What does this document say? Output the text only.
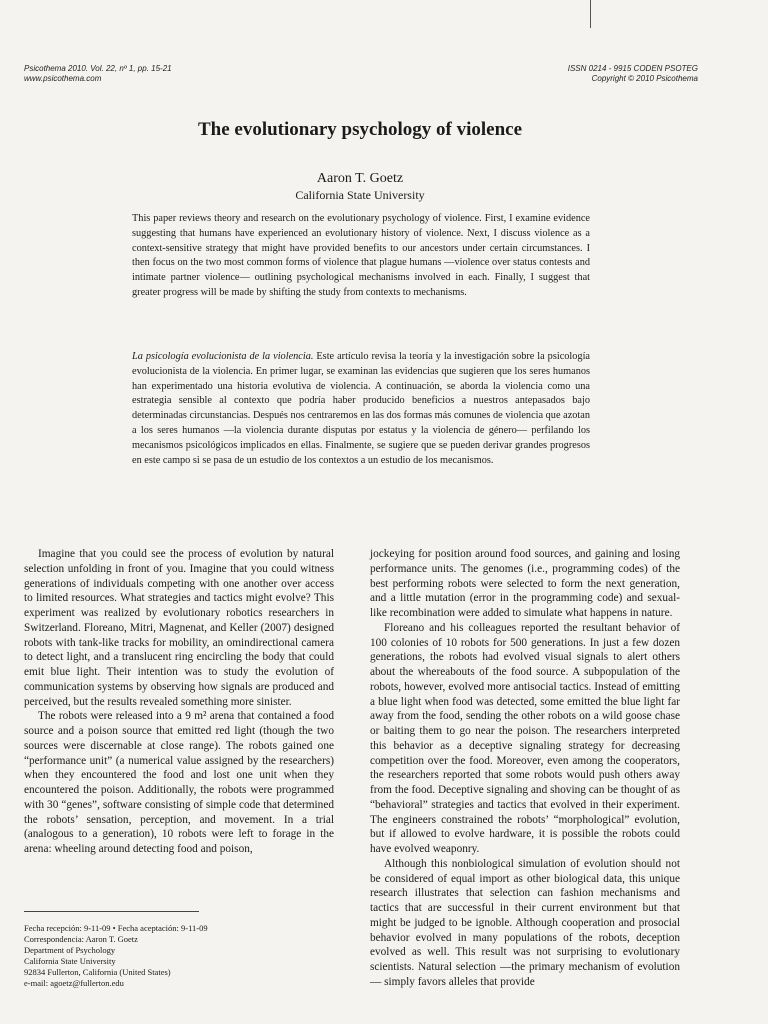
Psicothema 2010. Vol. 22, nº 1, pp. 15-21
www.psicothema.com
ISSN 0214 - 9915 CODEN PSOTEG
Copyright © 2010 Psicothema
The evolutionary psychology of violence
Aaron T. Goetz
California State University

This paper reviews theory and research on the evolutionary psychology of violence. First, I examine evidence suggesting that humans have experienced an evolutionary history of violence. Next, I discuss violence as a context-sensitive strategy that might have provided benefits to our ancestors under certain circumstances. I then focus on the two most common forms of violence that plague humans —violence over status contests and intimate partner violence— outlining psychological mechanisms involved in each. Finally, I suggest that greater progress will be made by shifting the study from contexts to mechanisms.

La psicología evolucionista de la violencia. Este artículo revisa la teoría y la investigación sobre la psicología evolucionista de la violencia. En primer lugar, se examinan las evidencias que sugieren que los seres humanos han experimentado una historia evolutiva de violencia. A continuación, se aborda la violencia como una estrategia sensible al contexto que podría haber producido beneficios a nuestros antepasados bajo determinadas circunstancias. Después nos centraremos en las dos formas más comunes de violencia que azotan a los seres humanos —la violencia durante disputas por estatus y la violencia de género— perfilando los mecanismos psicológicos implicados en ellas. Finalmente, se sugiere que se pueden derivar grandes progresos en este campo si se pasa de un estudio de los contextos a un estudio de los mecanismos.

Imagine that you could see the process of evolution by natural selection unfolding in front of you. Imagine that you could witness generations of individuals competing with one another over access to limited resources. What strategies and tactics might evolve? This experiment was realized by evolutionary robotics researchers in Switzerland. Floreano, Mitri, Magnenat, and Keller (2007) designed robots with tank-like tracks for mobility, an omindirectional camera to detect light, and a translucent ring encircling the body that could emit blue light. Their intention was to study the evolution of communication systems by observing how signals are produced and perceived, but the results revealed something more sinister.

The robots were released into a 9 m² arena that contained a food source and a poison source that emitted red light (though the two sources were discernable at close range). The robots gained one “performance unit” (a numerical value assigned by the researchers) when they encountered the food and lost one unit when they encountered the poison. Additionally, the robots were programmed with 30 “genes”, software consisting of simple code that determined the robots’ sensation, perception, and movement. In a trial (analogous to a generation), 10 robots were left to forage in the arena: wheeling around detecting food and poison,

jockeying for position around food sources, and gaining and losing performance units. The genomes (i.e., programming codes) of the best performing robots were selected to form the next generation, and a little mutation (error in the programming code) and sexual-like recombination were added to simulate what happens in nature.

Floreano and his colleagues reported the resultant behavior of 100 colonies of 10 robots for 500 generations. In just a few dozen generations, the robots had evolved visual signals to alert others about the whereabouts of the food source. A subpopulation of the robots, however, evolved more antisocial tactics. Instead of emitting a blue light when food was detected, some emitted the blue light far away from the food, sending the other robots on a wild goose chase or baiting them to go near the poison. The researchers interpreted this behavior as a deceptive signaling strategy for decreasing competition over the food. Moreover, even among the cooperators, the researchers reported that some robots would push others away from the food. Deceptive signaling and shoving can be thought of as “behavioral” strategies and tactics that evolved in their experiment. The engineers constrained the robots’ “morphological” evolution, but if allowed to evolve hardware, it is possible the robots could have evolved weaponry.

Although this nonbiological simulation of evolution should not be considered of equal import as other biological data, this unique research illustrates that selection can fashion mechanisms and tactics that are successful in their current environment but that might be judged to be ignoble. Although cooperation and prosocial behavior evolved in many populations of the robots, deception evolved as well. This result was not surprising to evolutionary scientists. Natural selection —the primary mechanism of evolution— simply favors alleles that provide

Fecha recepción: 9-11-09 • Fecha aceptación: 9-11-09
Correspondencia: Aaron T. Goetz
Department of Psychology
California State University
92834 Fullerton, California (United States)
e-mail: agoetz@fullerton.edu
